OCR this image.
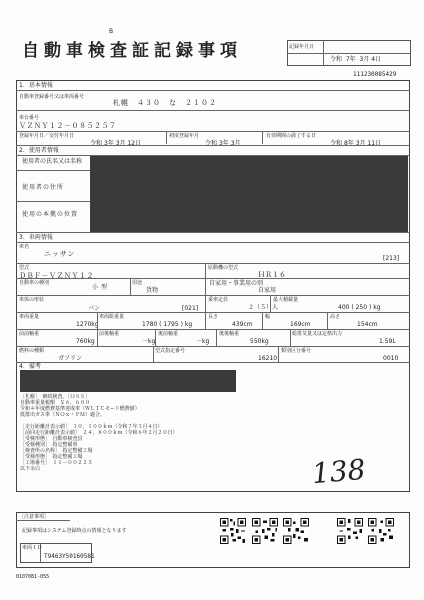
B
自動車検査証記録事項	記録年月日
令和 7年  3月 4日
111230085429
1．基本情報
自動車登録番号又は車両番号
札幌　４３０　な　２１０２
車台番号
ＶＺＮＹ１２－０８５２５７
登録年月日／交付年月日
令和 3年 3月 12日
初度登録年月
令和 3年 3月
有効期間の満了する日
令和 8年 3月 11日
2．使用者情報
使用者の氏名又は名称
使用者の住所
使用の本拠の位置
3．車両情報
車名
ニッサン
[213]
型式
ＤＢＦ－ＶＺＮＹ１２
原動機の型式
ＨＲ１６
自動車の種別
小型
用途
貨物
自家用・事業用の別
自家用
車体の形状
バン	[021]
乗車定員
２（５）人
最大積載量
400 ( 250 ) kg
車両重量
1270kg
車両総重量
1780 ( 1795 ) kg
長さ
439cm
幅
169cm
高さ
154cm
前前軸重
760kg
前後軸重
－kg
後前軸重
－kg
後後軸重
550kg
総排気量又は定格出力
1.59L
燃料の種類
ガソリン
型式指定番号
16210
類別区分番号
0010
4．備考
［札幌］　継続検査。［ＯＳＳ］
自動車重量税額　￥６，６００
令和４年度燃費基準達成車（ＷＬＴＣモード燃費値）
低排出ガス車（ＮＯｘ・ＰＭ）適合。
［走行距離計表示値］　３０，１００ｋｍ（令和７年３月４日）
［前回走行距離計表示値］　２４，８００ｋｍ（令和６年２月２０日）
［受検形態］　自動車検査員
［受検種別］　指定整備車
［検査所の名称］　指定整備工場
［受検形態］　指定整備工場
［工場番号］　１１－００２２５
以下余白	138
［注意事項］
記録事項はシステム登録時点の情報となります
車両ＩＤ
T9463Y50160581
0107081-055
